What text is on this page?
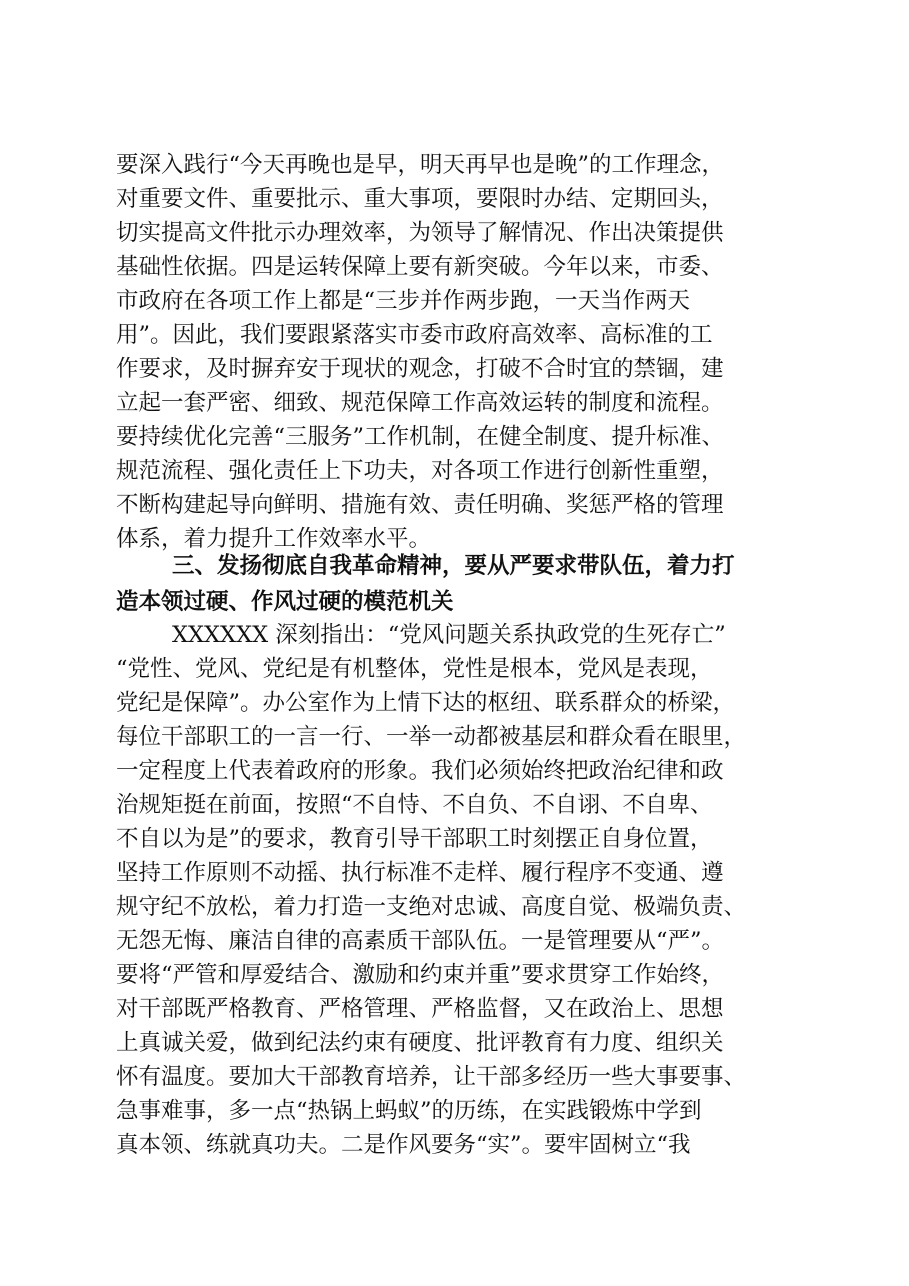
要深入践行“今天再晚也是早，明天再早也是晚”的工作理念，
对重要文件、重要批示、重大事项，要限时办结、定期回头，
切实提高文件批示办理效率，为领导了解情况、作出决策提供
基础性依据。四是运转保障上要有新突破。今年以来，市委、
市政府在各项工作上都是“三步并作两步跑，一天当作两天
用”。因此，我们要跟紧落实市委市政府高效率、高标准的工
作要求，及时摒弃安于现状的观念，打破不合时宜的禁锢，建
立起一套严密、细致、规范保障工作高效运转的制度和流程。
要持续优化完善“三服务”工作机制，在健全制度、提升标准、
规范流程、强化责任上下功夫，对各项工作进行创新性重塑，
不断构建起导向鲜明、措施有效、责任明确、奖惩严格的管理
体系，着力提升工作效率水平。
三、发扬彻底自我革命精神，要从严要求带队伍，着力打
造本领过硬、作风过硬的模范机关
XXXXXX 深刻指出：“党风问题关系执政党的生死存亡”
“党性、党风、党纪是有机整体，党性是根本，党风是表现，
党纪是保障”。办公室作为上情下达的枢纽、联系群众的桥梁，
每位干部职工的一言一行、一举一动都被基层和群众看在眼里，
一定程度上代表着政府的形象。我们必须始终把政治纪律和政
治规矩挺在前面，按照“不自恃、不自负、不自诩、不自卑、
不自以为是”的要求，教育引导干部职工时刻摆正自身位置，
坚持工作原则不动摇、执行标准不走样、履行程序不变通、遵
规守纪不放松，着力打造一支绝对忠诚、高度自觉、极端负责、
无怨无悔、廉洁自律的高素质干部队伍。一是管理要从“严”。
要将“严管和厚爱结合、激励和约束并重”要求贯穿工作始终，
对干部既严格教育、严格管理、严格监督，又在政治上、思想
上真诚关爱，做到纪法约束有硬度、批评教育有力度、组织关
怀有温度。要加大干部教育培养，让干部多经历一些大事要事、
急事难事，多一点“热锅上蚂蚁”的历练，在实践锻炼中学到
真本领、练就真功夫。二是作风要务“实”。要牢固树立“我
